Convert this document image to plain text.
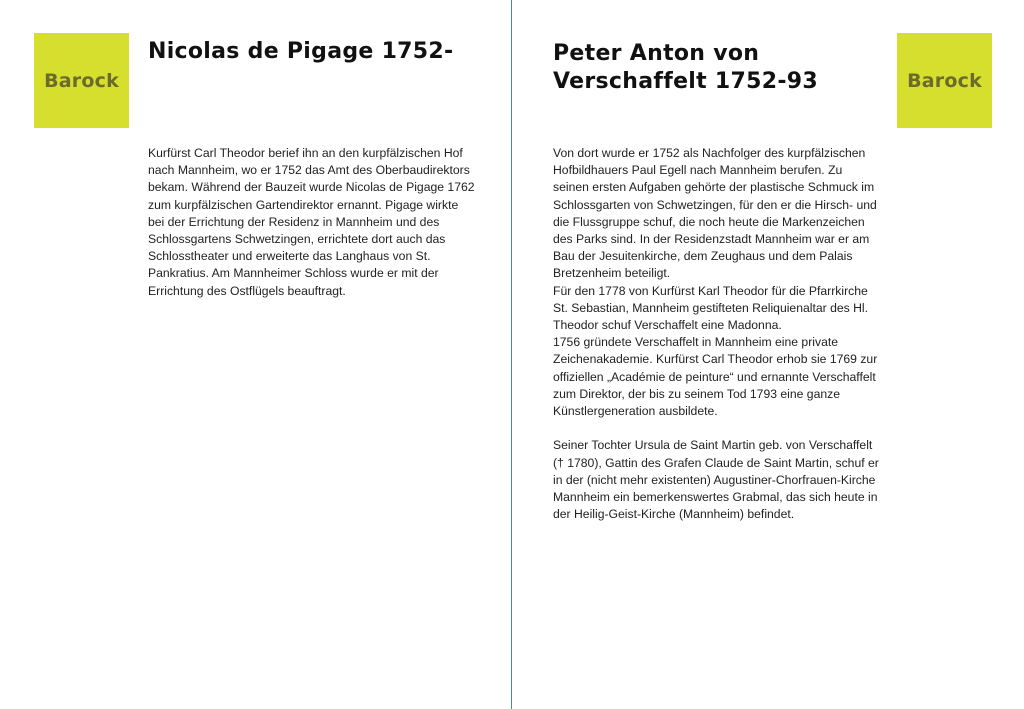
Barock
Nicolas de Pigage 1752-

Kurfürst Carl Theodor berief ihn an den kurpfälzischen Hof nach Mannheim, wo er 1752 das Amt des Oberbaudirektors bekam. Während der Bauzeit wurde Nicolas de Pigage 1762 zum kurpfälzischen Gartendirektor ernannt. Pigage wirkte bei der Errichtung der Residenz in Mannheim und des Schlossgartens Schwetzingen, errichtete dort auch das Schlosstheater und erweiterte das Langhaus von St. Pankratius. Am Mannheimer Schloss wurde er mit der Errichtung des Ostflügels beauftragt.

Peter Anton von Verschaffelt 1752-93	Barock

Von dort wurde er 1752 als Nachfolger des kurpfälzischen Hofbildhauers Paul Egell nach Mannheim berufen. Zu seinen ersten Aufgaben gehörte der plastische Schmuck im Schlossgarten von Schwetzingen, für den er die Hirsch- und die Flussgruppe schuf, die noch heute die Markenzeichen des Parks sind. In der Residenzstadt Mannheim war er am Bau der Jesuitenkirche, dem Zeughaus und dem Palais Bretzenheim beteiligt.

Für den 1778 von Kurfürst Karl Theodor für die Pfarrkirche St. Sebastian, Mannheim gestifteten Reliquienaltar des Hl. Theodor schuf Verschaffelt eine Madonna.

1756 gründete Verschaffelt in Mannheim eine private Zeichenakademie. Kurfürst Carl Theodor erhob sie 1769 zur offiziellen „Académie de peinture“ und ernannte Verschaffelt zum Direktor, der bis zu seinem Tod 1793 eine ganze Künstlergeneration ausbildete.

Seiner Tochter Ursula de Saint Martin geb. von Verschaffelt († 1780), Gattin des Grafen Claude de Saint Martin, schuf er in der (nicht mehr existenten) Augustiner-Chorfrauen-Kirche Mannheim ein bemerkenswertes Grabmal, das sich heute in der Heilig-Geist-Kirche (Mannheim) befindet.
